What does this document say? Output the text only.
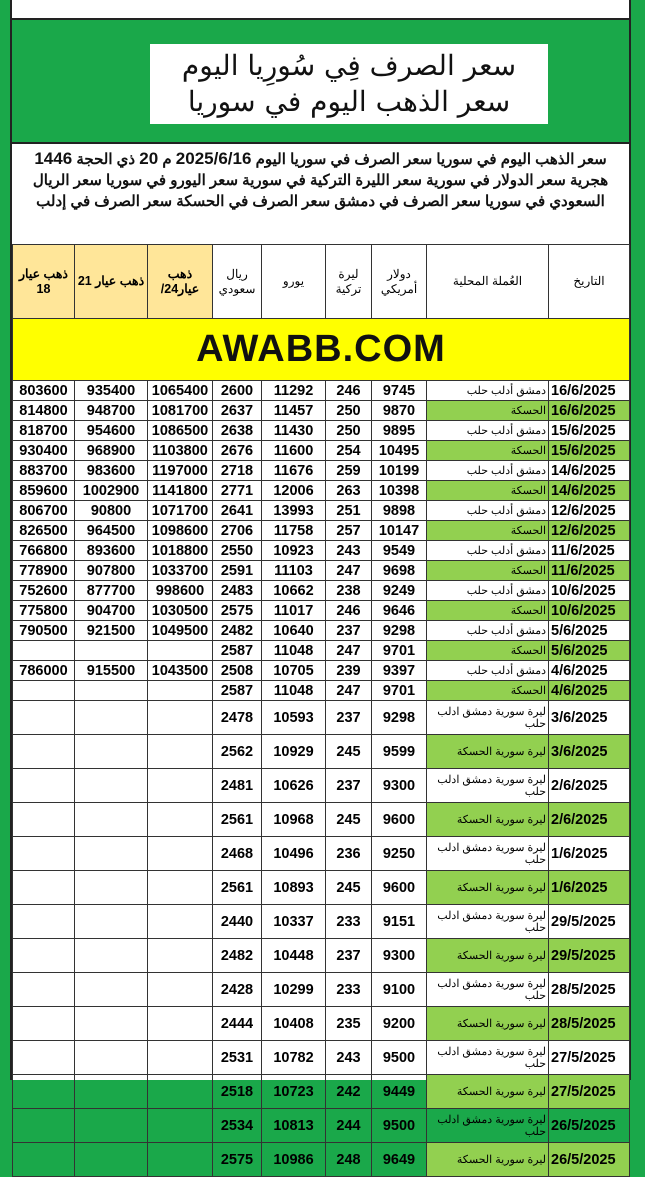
سعر الصرف فِي سُورِيا اليوم
سعر الذهب اليوم في سوريا
سعر الذهب اليوم في سوريا سعر الصرف في سوريا اليوم 2025/6/16 م 20 ذي الحجة 1446 هجرية سعر الدولار في سورية سعر الليرة التركية في سورية سعر اليورو في سوريا سعر الريال السعودي في سوريا سعر الصرف في دمشق سعر الصرف في الحسكة سعر الصرف في إدلب
التاريخ	العُملة المحلية	دولار أمريكي	ليرة تركية	يورو	ريال سعودي	ذهب عيار24/	ذهب عيار 21	ذهب عيار 18
AWABB.COM								
16/6/2025	دمشق أدلب حلب	9745	246	11292	2600	1065400	935400	803600
16/6/2025	الحسكة	9870	250	11457	2637	1081700	948700	814800
15/6/2025	دمشق أدلب حلب	9895	250	11430	2638	1086500	954600	818700
15/6/2025	الحسكة	10495	254	11600	2676	1103800	968900	930400
14/6/2025	دمشق أدلب حلب	10199	259	11676	2718	1197000	983600	883700
14/6/2025	الحسكة	10398	263	12006	2771	1141800	1002900	859600
12/6/2025	دمشق أدلب حلب	9898	251	13993	2641	1071700	90800	806700
12/6/2025	الحسكة	10147	257	11758	2706	1098600	964500	826500
11/6/2025	دمشق أدلب حلب	9549	243	10923	2550	1018800	893600	766800
11/6/2025	الحسكة	9698	247	11103	2591	1033700	907800	778900
10/6/2025	دمشق أدلب حلب	9249	238	10662	2483	998600	877700	752600
10/6/2025	الحسكة	9646	246	11017	2575	1030500	904700	775800
5/6/2025	دمشق أدلب حلب	9298	237	10640	2482	1049500	921500	790500
5/6/2025	الحسكة	9701	247	11048	2587			
4/6/2025	دمشق أدلب حلب	9397	239	10705	2508	1043500	915500	786000
4/6/2025	الحسكة	9701	247	11048	2587			
3/6/2025	ليرة سورية دمشق ادلب حلب	9298	237	10593	2478			
3/6/2025	ليرة سورية الحسكة	9599	245	10929	2562			
2/6/2025	ليرة سورية دمشق ادلب حلب	9300	237	10626	2481			
2/6/2025	ليرة سورية الحسكة	9600	245	10968	2561			
1/6/2025	ليرة سورية دمشق ادلب حلب	9250	236	10496	2468			
1/6/2025	ليرة سورية الحسكة	9600	245	10893	2561			
29/5/2025	ليرة سورية دمشق ادلب حلب	9151	233	10337	2440			
29/5/2025	ليرة سورية الحسكة	9300	237	10448	2482			
28/5/2025	ليرة سورية دمشق ادلب حلب	9100	233	10299	2428			
28/5/2025	ليرة سورية الحسكة	9200	235	10408	2444			
27/5/2025	ليرة سورية دمشق ادلب حلب	9500	243	10782	2531			
27/5/2025	ليرة سورية الحسكة	9449	242	10723	2518			
26/5/2025	ليرة سورية دمشق ادلب حلب	9500	244	10813	2534			
26/5/2025	ليرة سورية الحسكة	9649	248	10986	2575			
